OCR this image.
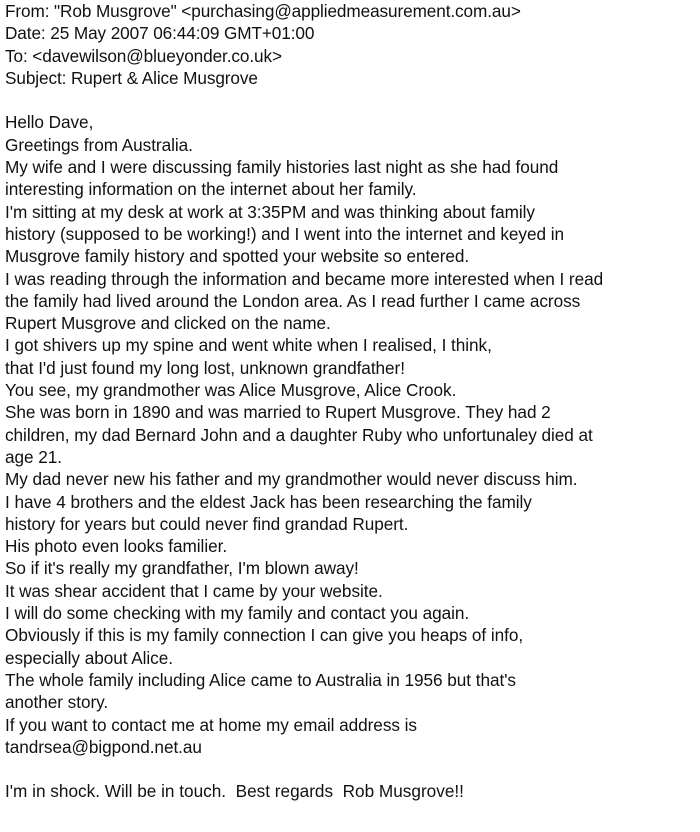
From: "Rob Musgrove" <purchasing@appliedmeasurement.com.au>
Date: 25 May 2007 06:44:09 GMT+01:00
To: <davewilson@blueyonder.co.uk>
Subject: Rupert & Alice Musgrove
Hello Dave,
Greetings from Australia.
My wife and I were discussing family histories last night as she had found
interesting information on the internet about her family.
I'm sitting at my desk at work at 3:35PM and was thinking about family
history (supposed to be working!) and I went into the internet and keyed in
Musgrove family history and spotted your website so entered.
I was reading through the information and became more interested when I read
the family had lived around the London area. As I read further I came across
Rupert Musgrove and clicked on the name.
I got shivers up my spine and went white when I realised, I think,
that I'd just found my long lost, unknown grandfather!
You see, my grandmother was Alice Musgrove, Alice Crook.
She was born in 1890 and was married to Rupert Musgrove. They had 2
children, my dad Bernard John and a daughter Ruby who unfortunaley died at
age 21.
My dad never new his father and my grandmother would never discuss him.
I have 4 brothers and the eldest Jack has been researching the family
history for years but could never find grandad Rupert.
His photo even looks familier.
So if it's really my grandfather, I'm blown away!
It was shear accident that I came by your website.
I will do some checking with my family and contact you again.
Obviously if this is my family connection I can give you heaps of info,
especially about Alice.
The whole family including Alice came to Australia in 1956 but that's
another story.
If you want to contact me at home my email address is
tandrsea@bigpond.net.au
I'm in shock. Will be in touch.  Best regards  Rob Musgrove!!
